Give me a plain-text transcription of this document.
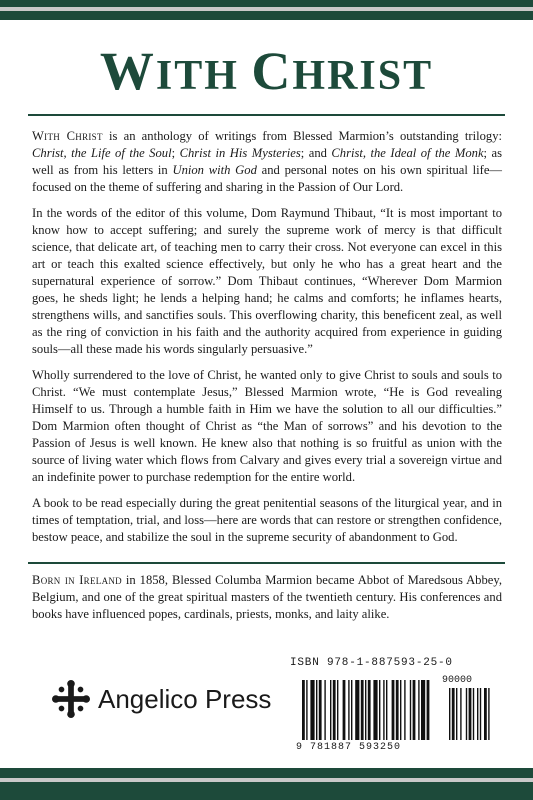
WITH CHRIST

With Christ is an anthology of writings from Blessed Marmion’s outstanding trilogy: Christ, the Life of the Soul; Christ in His Mysteries; and Christ, the Ideal of the Monk; as well as from his letters in Union with God and personal notes on his own spiritual life—focused on the theme of suffering and sharing in the Passion of Our Lord.

In the words of the editor of this volume, Dom Raymund Thibaut, “It is most important to know how to accept suffering; and surely the supreme work of mercy is that difficult science, that delicate art, of teaching men to carry their cross. Not everyone can excel in this art or teach this exalted science effectively, but only he who has a great heart and the supernatural experience of sorrow.” Dom Thibaut continues, “Wherever Dom Marmion goes, he sheds light; he lends a helping hand; he calms and comforts; he inflames hearts, strengthens wills, and sanctifies souls. This overflowing charity, this beneficent zeal, as well as the ring of conviction in his faith and the authority acquired from experience in guiding souls—all these made his words singularly persuasive.”

Wholly surrendered to the love of Christ, he wanted only to give Christ to souls and souls to Christ. “We must contemplate Jesus,” Blessed Marmion wrote, “He is God revealing Himself to us. Through a humble faith in Him we have the solution to all our difficulties.” Dom Marmion often thought of Christ as “the Man of sorrows” and his devotion to the Passion of Jesus is well known. He knew also that nothing is so fruitful as union with the source of living water which flows from Calvary and gives every trial a sovereign virtue and an indefinite power to purchase redemption for the entire world.

A book to be read especially during the great penitential seasons of the liturgical year, and in times of temptation, trial, and loss—here are words that can restore or strengthen confidence, bestow peace, and stabilize the soul in the supreme security of abandonment to God.

Born in Ireland in 1858, Blessed Columba Marmion became Abbot of Maredsous Abbey, Belgium, and one of the great spiritual masters of the twentieth century. His conferences and books have influenced popes, cardinals, priests, monks, and laity alike.

Angelico Press
ISBN 978-1-887593-25-0
90000
9 781887 593250
